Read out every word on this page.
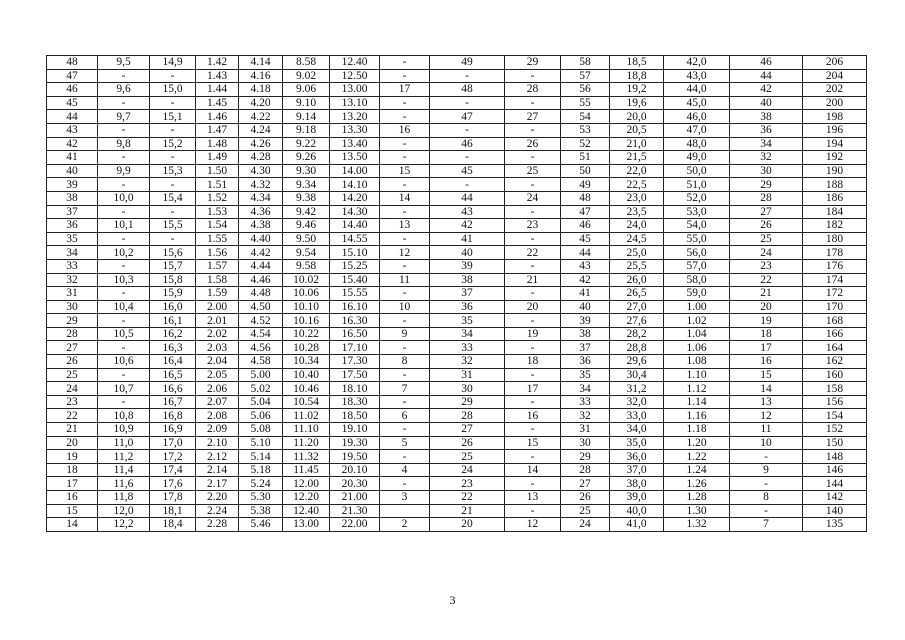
48	9,5	14,9	1.42	4.14	8.58	12.40	-	49	29	58	18,5	42,0	46	206
47	-	-	1.43	4.16	9.02	12.50	-	-	-	57	18,8	43,0	44	204
46	9,6	15,0	1.44	4.18	9.06	13.00	17	48	28	56	19,2	44,0	42	202
45	-	-	1.45	4.20	9.10	13.10	-	-	-	55	19,6	45,0	40	200
44	9,7	15,1	1.46	4.22	9.14	13.20	-	47	27	54	20,0	46,0	38	198
43	-	-	1.47	4.24	9.18	13.30	16	-	-	53	20,5	47,0	36	196
42	9,8	15,2	1.48	4.26	9.22	13.40	-	46	26	52	21,0	48,0	34	194
41	-	-	1.49	4.28	9.26	13.50	-	-	-	51	21,5	49,0	32	192
40	9,9	15,3	1.50	4.30	9.30	14.00	15	45	25	50	22,0	50,0	30	190
39	-	-	1.51	4.32	9.34	14.10	-	-	-	49	22,5	51,0	29	188
38	10,0	15,4	1.52	4.34	9.38	14.20	14	44	24	48	23,0	52,0	28	186
37	-	-	1.53	4.36	9.42	14.30	-	43	-	47	23,5	53,0	27	184
36	10,1	15,5	1.54	4.38	9.46	14.40	13	42	23	46	24,0	54,0	26	182
35	-	-	1.55	4.40	9.50	14.55	-	41	-	45	24,5	55,0	25	180
34	10,2	15,6	1.56	4.42	9.54	15.10	12	40	22	44	25,0	56,0	24	178
33	-	15,7	1.57	4.44	9.58	15.25	-	39	-	43	25,5	57,0	23	176
32	10,3	15,8	1.58	4.46	10.02	15.40	11	38	21	42	26,0	58,0	22	174
31	-	15,9	1.59	4.48	10.06	15.55	-	37	-	41	26,5	59,0	21	172
30	10,4	16,0	2.00	4.50	10.10	16.10	10	36	20	40	27,0	1.00	20	170
29	-	16,1	2.01	4.52	10.16	16.30	-	35	-	39	27,6	1.02	19	168
28	10,5	16,2	2.02	4.54	10.22	16.50	9	34	19	38	28,2	1.04	18	166
27	-	16,3	2.03	4.56	10.28	17.10	-	33	-	37	28,8	1.06	17	164
26	10,6	16,4	2.04	4.58	10.34	17.30	8	32	18	36	29,6	1.08	16	162
25	-	16,5	2.05	5.00	10.40	17.50	-	31	-	35	30,4	1.10	15	160
24	10,7	16,6	2.06	5.02	10.46	18.10	7	30	17	34	31,2	1.12	14	158
23	-	16,7	2.07	5.04	10.54	18.30	-	29	-	33	32,0	1.14	13	156
22	10,8	16,8	2.08	5.06	11.02	18.50	6	28	16	32	33,0	1.16	12	154
21	10,9	16,9	2.09	5.08	11.10	19.10	-	27	-	31	34,0	1.18	11	152
20	11,0	17,0	2.10	5.10	11.20	19.30	5	26	15	30	35,0	1.20	10	150
19	11,2	17,2	2.12	5.14	11.32	19.50	-	25	-	29	36,0	1.22	-	148
18	11,4	17,4	2.14	5.18	11.45	20.10	4	24	14	28	37,0	1.24	9	146
17	11,6	17,6	2.17	5.24	12.00	20.30	-	23	-	27	38,0	1.26	-	144
16	11,8	17,8	2.20	5.30	12.20	21.00	3	22	13	26	39,0	1.28	8	142
15	12,0	18,1	2.24	5.38	12.40	21.30		21	-	25	40,0	1.30	-	140
14	12,2	18,4	2.28	5.46	13.00	22.00	2	20	12	24	41,0	1.32	7	135
3
